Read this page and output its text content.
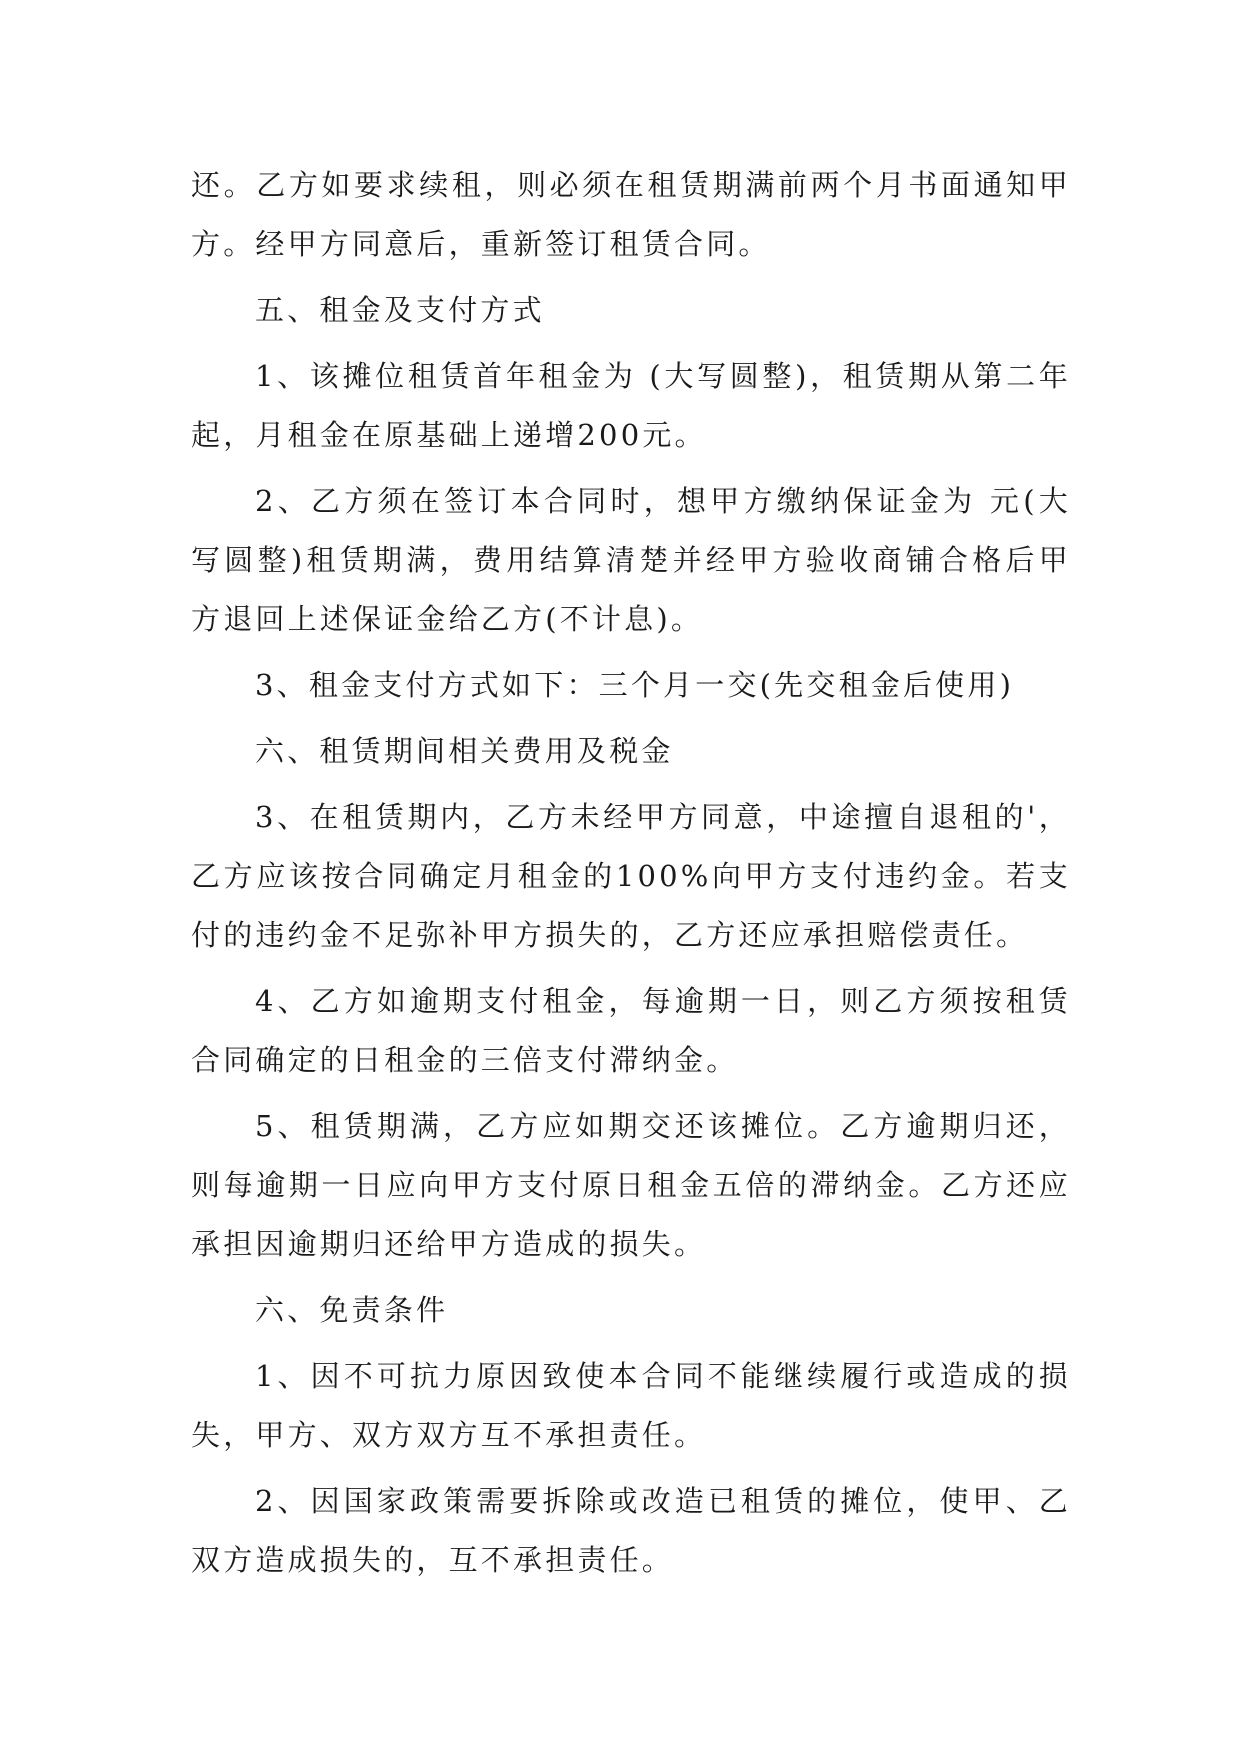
还。乙方如要求续租，则必须在租赁期满前两个月书面通知甲方。经甲方同意后，重新签订租赁合同。

五、租金及支付方式

1、该摊位租赁首年租金为 (大写圆整)，租赁期从第二年起，月租金在原基础上递增200元。

2、乙方须在签订本合同时，想甲方缴纳保证金为 元(大写圆整)租赁期满，费用结算清楚并经甲方验收商铺合格后甲方退回上述保证金给乙方(不计息)。

3、租金支付方式如下：三个月一交(先交租金后使用)

六、租赁期间相关费用及税金

3、在租赁期内，乙方未经甲方同意，中途擅自退租的'，乙方应该按合同确定月租金的100%向甲方支付违约金。若支付的违约金不足弥补甲方损失的，乙方还应承担赔偿责任。

4、乙方如逾期支付租金，每逾期一日，则乙方须按租赁合同确定的日租金的三倍支付滞纳金。

5、租赁期满，乙方应如期交还该摊位。乙方逾期归还，则每逾期一日应向甲方支付原日租金五倍的滞纳金。乙方还应承担因逾期归还给甲方造成的损失。

六、免责条件

1、因不可抗力原因致使本合同不能继续履行或造成的损失，甲方、双方双方互不承担责任。

2、因国家政策需要拆除或改造已租赁的摊位，使甲、乙双方造成损失的，互不承担责任。
